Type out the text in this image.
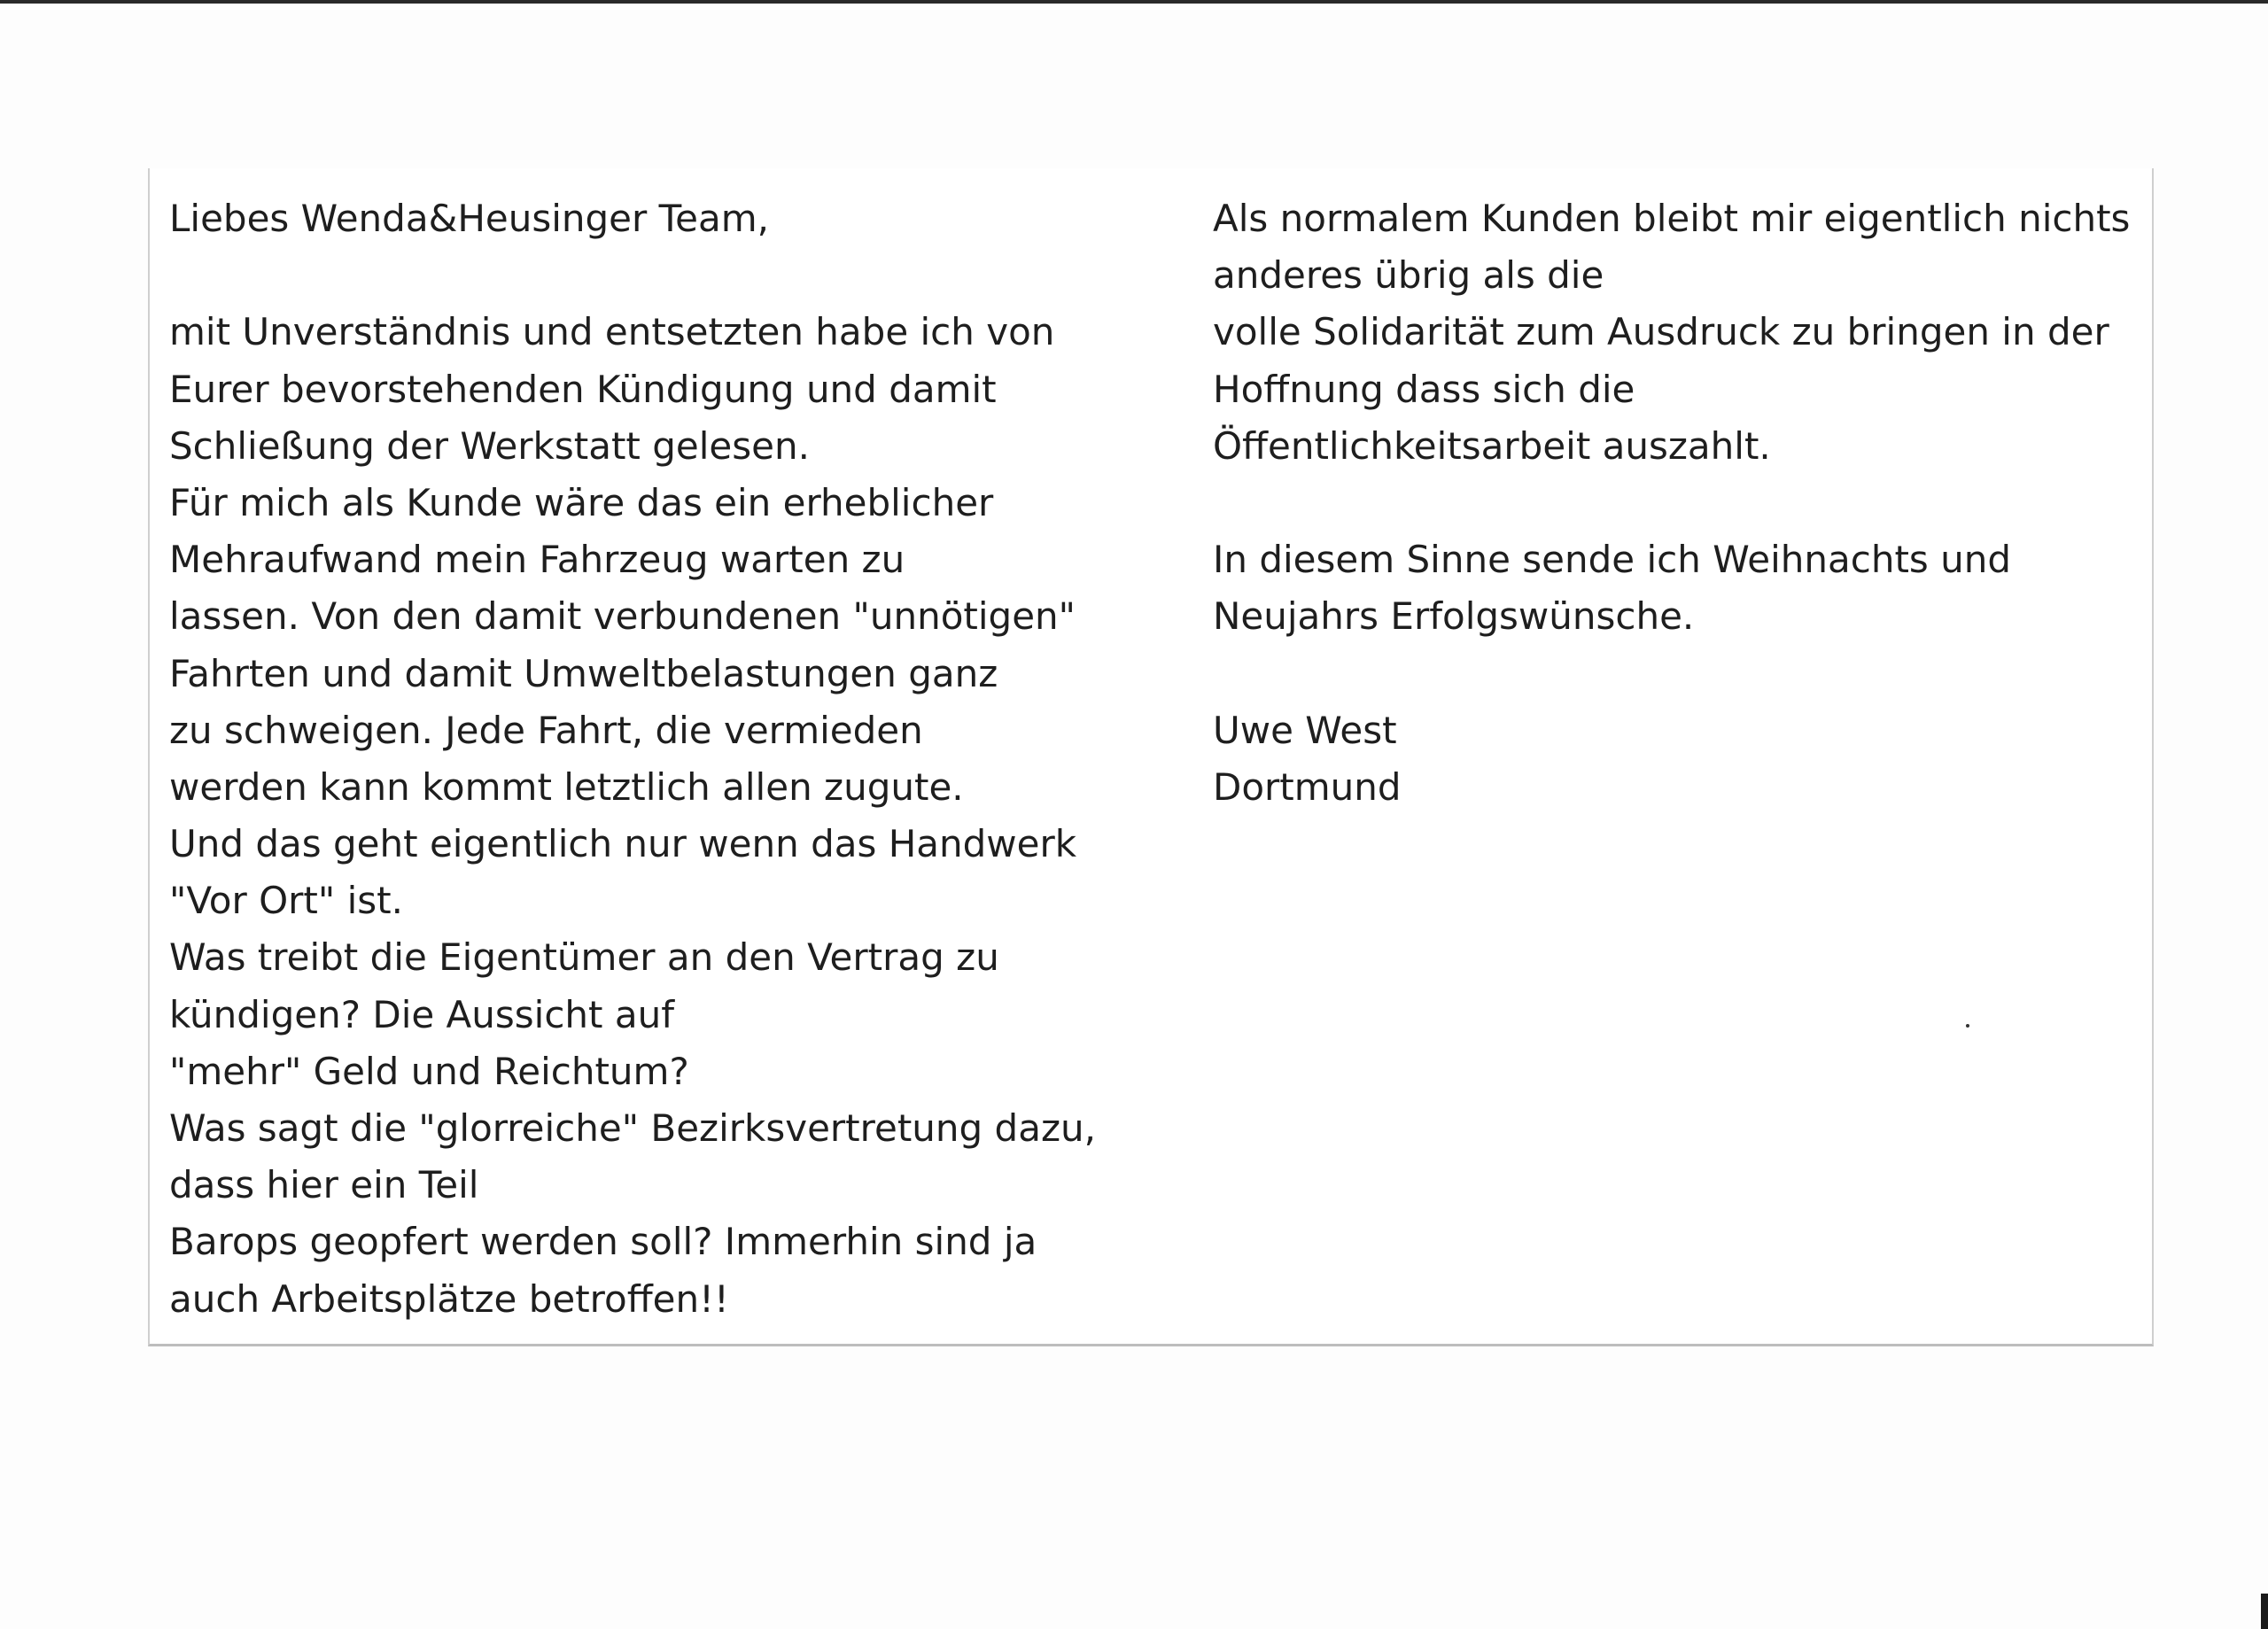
Liebes Wenda&Heusinger Team,
mit Unverständnis und entsetzten habe ich von
Eurer bevorstehenden Kündigung und damit
Schließung der Werkstatt gelesen.
Für mich als Kunde wäre das ein erheblicher
Mehraufwand mein Fahrzeug warten zu
lassen. Von den damit verbundenen "unnötigen"
Fahrten und damit Umweltbelastungen ganz
zu schweigen. Jede Fahrt, die vermieden
werden kann kommt letztlich allen zugute.
Und das geht eigentlich nur wenn das Handwerk
"Vor Ort" ist.
Was treibt die Eigentümer an den Vertrag zu
kündigen? Die Aussicht auf
"mehr" Geld und Reichtum?
Was sagt die "glorreiche" Bezirksvertretung dazu,
dass hier ein Teil
Barops geopfert werden soll? Immerhin sind ja
auch Arbeitsplätze betroffen!!
Als normalem Kunden bleibt mir eigentlich nichts
anderes übrig als die
volle Solidarität zum Ausdruck zu bringen in der
Hoffnung dass sich die
Öffentlichkeitsarbeit auszahlt.
In diesem Sinne sende ich Weihnachts und
Neujahrs Erfolgswünsche.
Uwe West
Dortmund
